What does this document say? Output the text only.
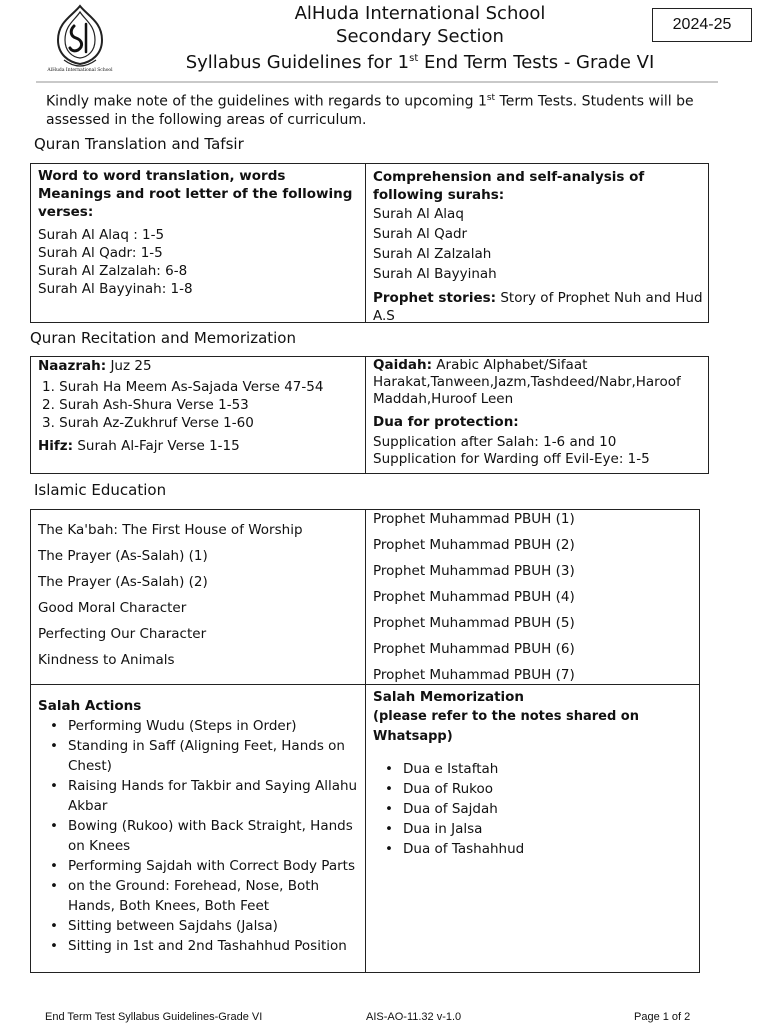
AlHuda International School
AlHuda International School
Secondary Section
Syllabus Guidelines for 1st End Term Tests - Grade VI
2024-25
Kindly make note of the guidelines with regards to upcoming 1st Term Tests. Students will be assessed in the following areas of curriculum.
Quran Translation and Tafsir
Word to word translation, words Meanings and root letter of the following verses:
Surah Al Alaq : 1-5
Surah Al Qadr: 1-5
Surah Al Zalzalah: 6-8
Surah Al Bayyinah: 1-8
Comprehension and self-analysis of following surahs:
Surah Al Alaq
Surah Al Qadr
Surah Al Zalzalah
Surah Al Bayyinah
Prophet stories: Story of Prophet Nuh and Hud A.S
Quran Recitation and Memorization
Naazrah: Juz 25
1. Surah Ha Meem As-Sajada Verse 47-54
2. Surah Ash-Shura Verse 1-53
3. Surah Az-Zukhruf Verse 1-60
Hifz: Surah Al-Fajr Verse 1-15
Qaidah: Arabic Alphabet/Sifaat Harakat,Tanween,Jazm,Tashdeed/Nabr,Haroof Maddah,Huroof Leen
Dua for protection:
Supplication after Salah: 1-6 and 10
Supplication for Warding off Evil-Eye: 1-5
Islamic Education

The Ka'bah: The First House of Worship

The Prayer (As-Salah) (1)

The Prayer (As-Salah) (2)

Good Moral Character

Perfecting Our Character

Kindness to Animals

Prophet Muhammad PBUH (1)

Prophet Muhammad PBUH (2)

Prophet Muhammad PBUH (3)

Prophet Muhammad PBUH (4)

Prophet Muhammad PBUH (5)

Prophet Muhammad PBUH (6)

Prophet Muhammad PBUH (7)

Salah Actions
• Performing Wudu (Steps in Order)
• Standing in Saff (Aligning Feet, Hands on Chest)
• Raising Hands for Takbir and Saying Allahu Akbar
• Bowing (Rukoo) with Back Straight, Hands on Knees
• Performing Sajdah with Correct Body Parts
• on the Ground: Forehead, Nose, Both Hands, Both Knees, Both Feet
• Sitting between Sajdahs (Jalsa)
• Sitting in 1st and 2nd Tashahhud Position
Salah Memorization
(please refer to the notes shared on Whatsapp)
• Dua e Istaftah
• Dua of Rukoo
• Dua of Sajdah
• Dua in Jalsa
• Dua of Tashahhud
End Term Test Syllabus Guidelines-Grade VI	AIS-AO-11.32 v-1.0	Page 1 of 2
